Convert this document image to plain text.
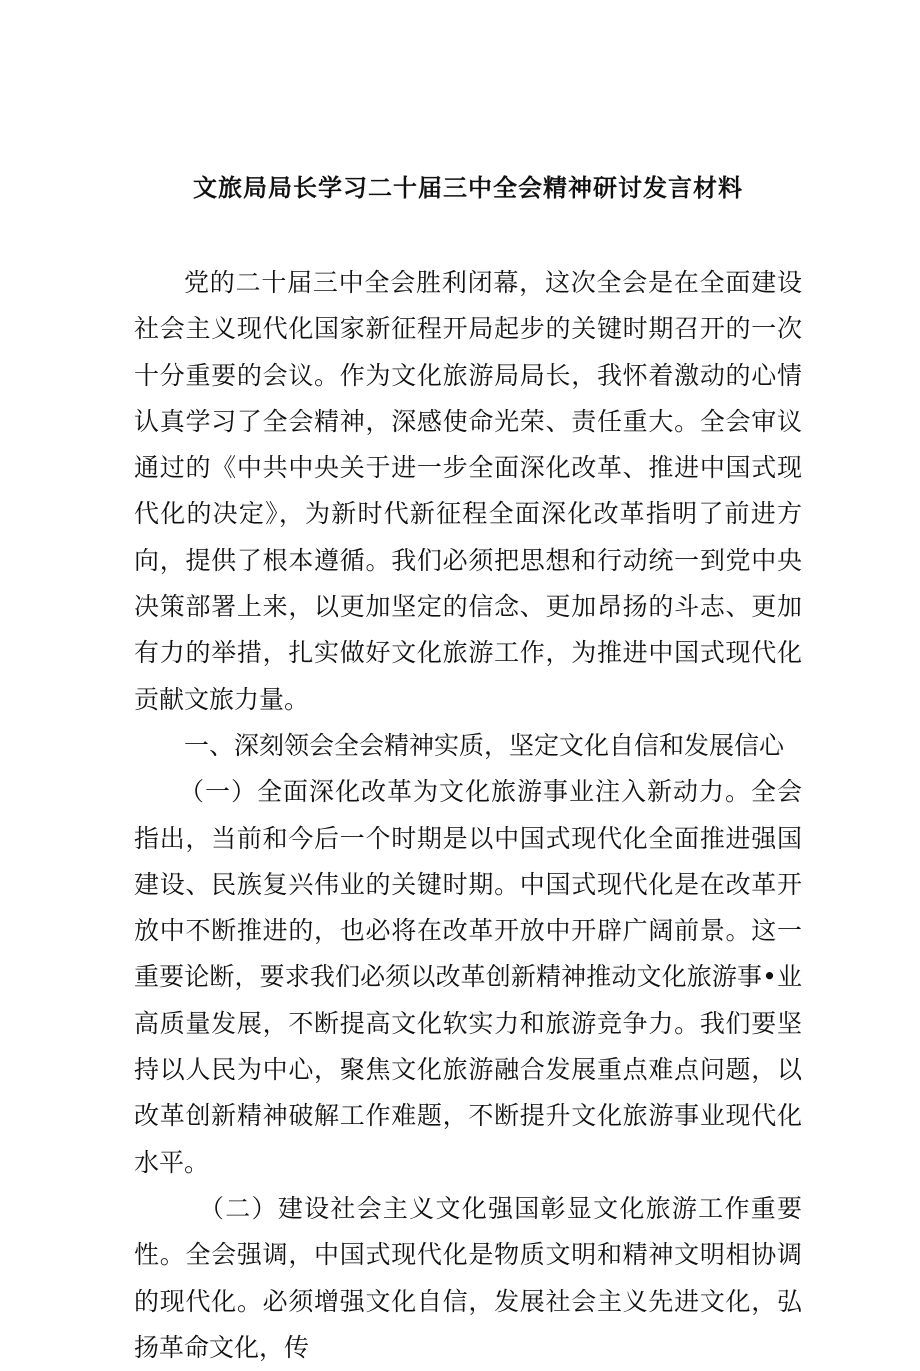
文旅局局长学习二十届三中全会精神研讨发言材料

党的二十届三中全会胜利闭幕，这次全会是在全面建设社会主义现代化国家新征程开局起步的关键时期召开的一次十分重要的会议。作为文化旅游局局长，我怀着激动的心情认真学习了全会精神，深感使命光荣、责任重大。全会审议通过的《中共中央关于进一步全面深化改革、推进中国式现代化的决定》，为新时代新征程全面深化改革指明了前进方向，提供了根本遵循。我们必须把思想和行动统一到党中央决策部署上来，以更加坚定的信念、更加昂扬的斗志、更加有力的举措，扎实做好文化旅游工作，为推进中国式现代化贡献文旅力量。

一、深刻领会全会精神实质，坚定文化自信和发展信心

（一）全面深化改革为文化旅游事业注入新动力。全会指出，当前和今后一个时期是以中国式现代化全面推进强国建设、民族复兴伟业的关键时期。中国式现代化是在改革开放中不断推进的，也必将在改革开放中开辟广阔前景。这一重要论断，要求我们必须以改革创新精神推动文化旅游事•业高质量发展，不断提高文化软实力和旅游竞争力。我们要坚持以人民为中心，聚焦文化旅游融合发展重点难点问题，以改革创新精神破解工作难题，不断提升文化旅游事业现代化水平。

（二）建设社会主义文化强国彰显文化旅游工作重要性。全会强调，中国式现代化是物质文明和精神文明相协调的现代化。必须增强文化自信，发展社会主义先进文化，弘扬革命文化，传
